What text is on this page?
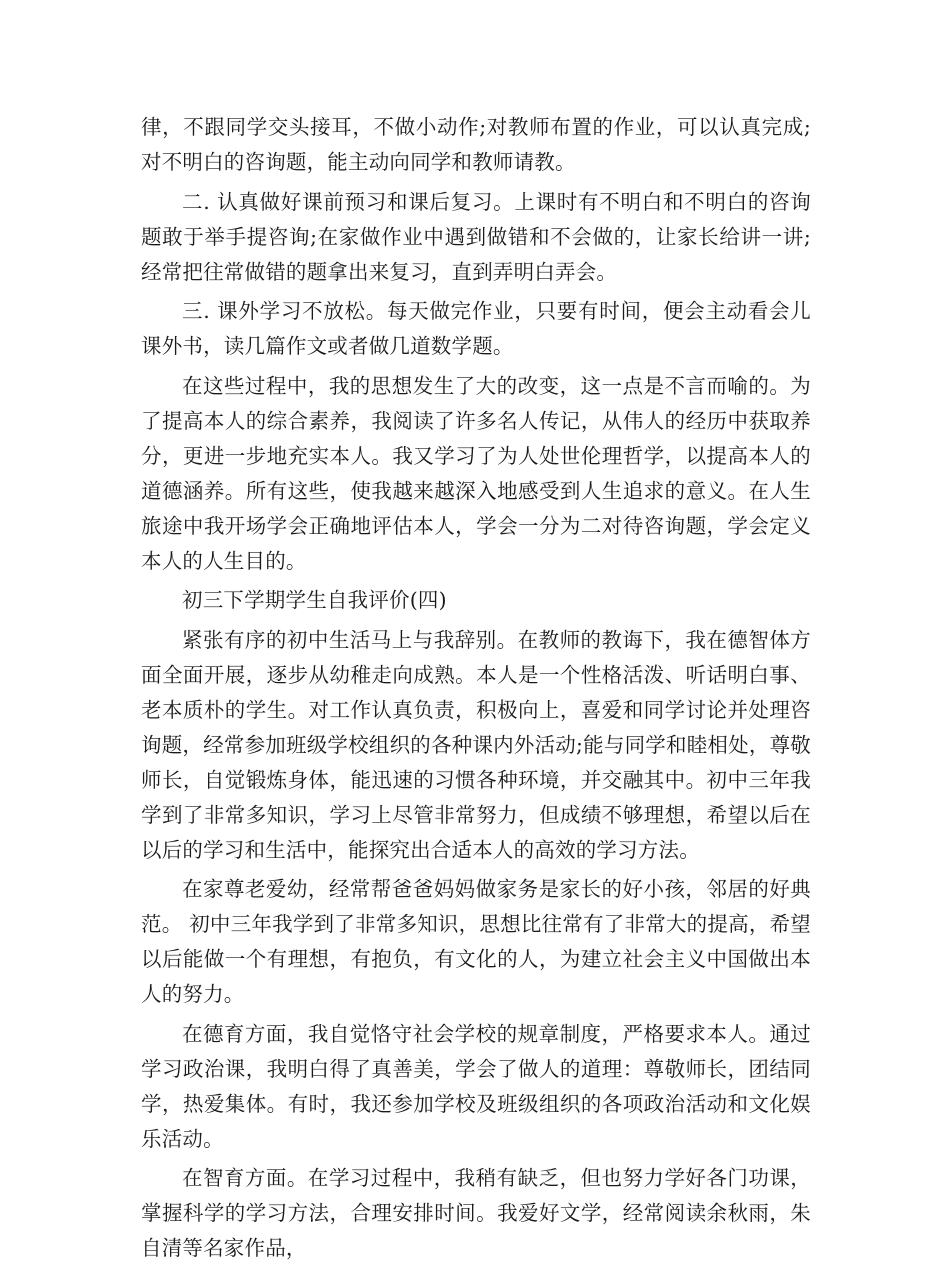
律，不跟同学交头接耳，不做小动作;对教师布置的作业，可以认真完成;对不明白的咨询题，能主动向同学和教师请教。

二. 认真做好课前预习和课后复习。上课时有不明白和不明白的咨询题敢于举手提咨询;在家做作业中遇到做错和不会做的，让家长给讲一讲;经常把往常做错的题拿出来复习，直到弄明白弄会。

三. 课外学习不放松。每天做完作业，只要有时间，便会主动看会儿课外书，读几篇作文或者做几道数学题。

在这些过程中，我的思想发生了大的改变，这一点是不言而喻的。为了提高本人的综合素养，我阅读了许多名人传记，从伟人的经历中获取养分，更进一步地充实本人。我又学习了为人处世伦理哲学，以提高本人的道德涵养。所有这些，使我越来越深入地感受到人生追求的意义。在人生旅途中我开场学会正确地评估本人，学会一分为二对待咨询题，学会定义本人的人生目的。

初三下学期学生自我评价(四)

紧张有序的初中生活马上与我辞别。在教师的教诲下，我在德智体方面全面开展，逐步从幼稚走向成熟。本人是一个性格活泼、听话明白事、老本质朴的学生。对工作认真负责，积极向上，喜爱和同学讨论并处理咨询题，经常参加班级学校组织的各种课内外活动;能与同学和睦相处，尊敬师长，自觉锻炼身体，能迅速的习惯各种环境，并交融其中。初中三年我学到了非常多知识，学习上尽管非常努力，但成绩不够理想，希望以后在以后的学习和生活中，能探究出合适本人的高效的学习方法。

在家尊老爱幼，经常帮爸爸妈妈做家务是家长的好小孩，邻居的好典范。 初中三年我学到了非常多知识，思想比往常有了非常大的提高，希望以后能做一个有理想，有抱负，有文化的人，为建立社会主义中国做出本人的努力。

在德育方面，我自觉恪守社会学校的规章制度，严格要求本人。通过学习政治课，我明白得了真善美，学会了做人的道理：尊敬师长，团结同学，热爱集体。有时，我还参加学校及班级组织的各项政治活动和文化娱乐活动。

在智育方面。在学习过程中，我稍有缺乏，但也努力学好各门功课，掌握科学的学习方法，合理安排时间。我爱好文学，经常阅读余秋雨，朱自清等名家作品，
